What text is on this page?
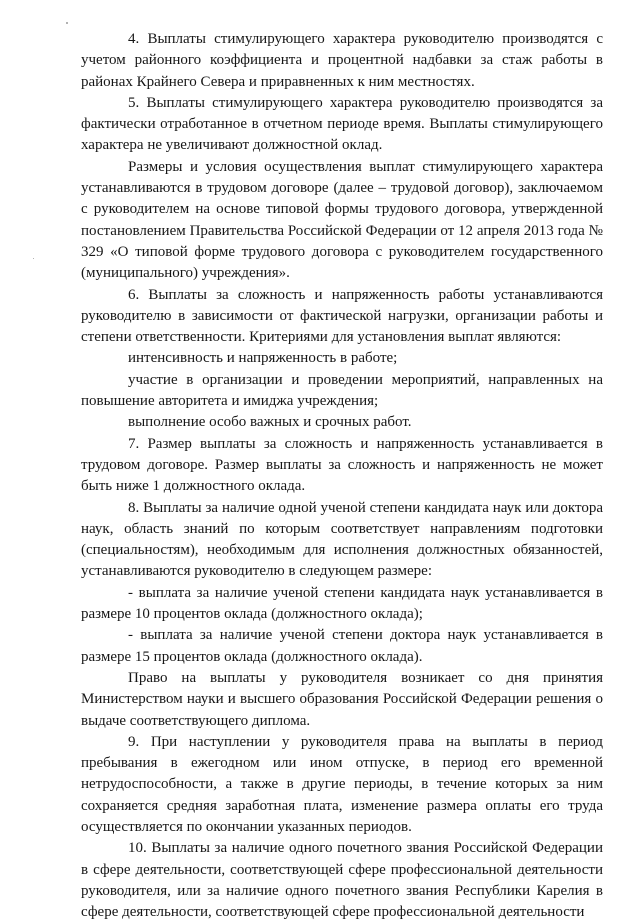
4. Выплаты стимулирующего характера руководителю производятся с учетом районного коэффициента и процентной надбавки за стаж работы в районах Крайнего Севера и приравненных к ним местностях.

5. Выплаты стимулирующего характера руководителю производятся за фактически отработанное в отчетном периоде время. Выплаты стимулирующего характера не увеличивают должностной оклад.

Размеры и условия осуществления выплат стимулирующего характера устанавливаются в трудовом договоре (далее – трудовой договор), заключаемом с руководителем на основе типовой формы трудового договора, утвержденной постановлением Правительства Российской Федерации от 12 апреля 2013 года № 329 «О типовой форме трудового договора с руководителем государственного (муниципального) учреждения».

6. Выплаты за сложность и напряженность работы устанавливаются руководителю в зависимости от фактической нагрузки, организации работы и степени ответственности. Критериями для установления выплат являются:

интенсивность и напряженность в работе;

участие в организации и проведении мероприятий, направленных на повышение авторитета и имиджа учреждения;

выполнение особо важных и срочных работ.

7. Размер выплаты за сложность и напряженность устанавливается в трудовом договоре. Размер выплаты за сложность и напряженность не может быть ниже 1 должностного оклада.

8. Выплаты за наличие одной ученой степени кандидата наук или доктора наук, область знаний по которым соответствует направлениям подготовки (специальностям), необходимым для исполнения должностных обязанностей, устанавливаются руководителю в следующем размере:

- выплата за наличие ученой степени кандидата наук устанавливается в размере 10 процентов оклада (должностного оклада);

- выплата за наличие ученой степени доктора наук устанавливается в размере 15 процентов оклада (должностного оклада).

Право на выплаты у руководителя возникает со дня принятия Министерством науки и высшего образования Российской Федерации решения о выдаче соответствующего диплома.

9. При наступлении у руководителя права на выплаты в период пребывания в ежегодном или ином отпуске, в период его временной нетрудоспособности, а также в другие периоды, в течение которых за ним сохраняется средняя заработная плата, изменение размера оплаты его труда осуществляется по окончании указанных периодов.

10. Выплаты за наличие одного почетного звания Российской Федерации в сфере деятельности, соответствующей сфере профессиональной деятельности руководителя, или за наличие одного почетного звания Республики Карелия в сфере деятельности, соответствующей сфере профессиональной деятельности
